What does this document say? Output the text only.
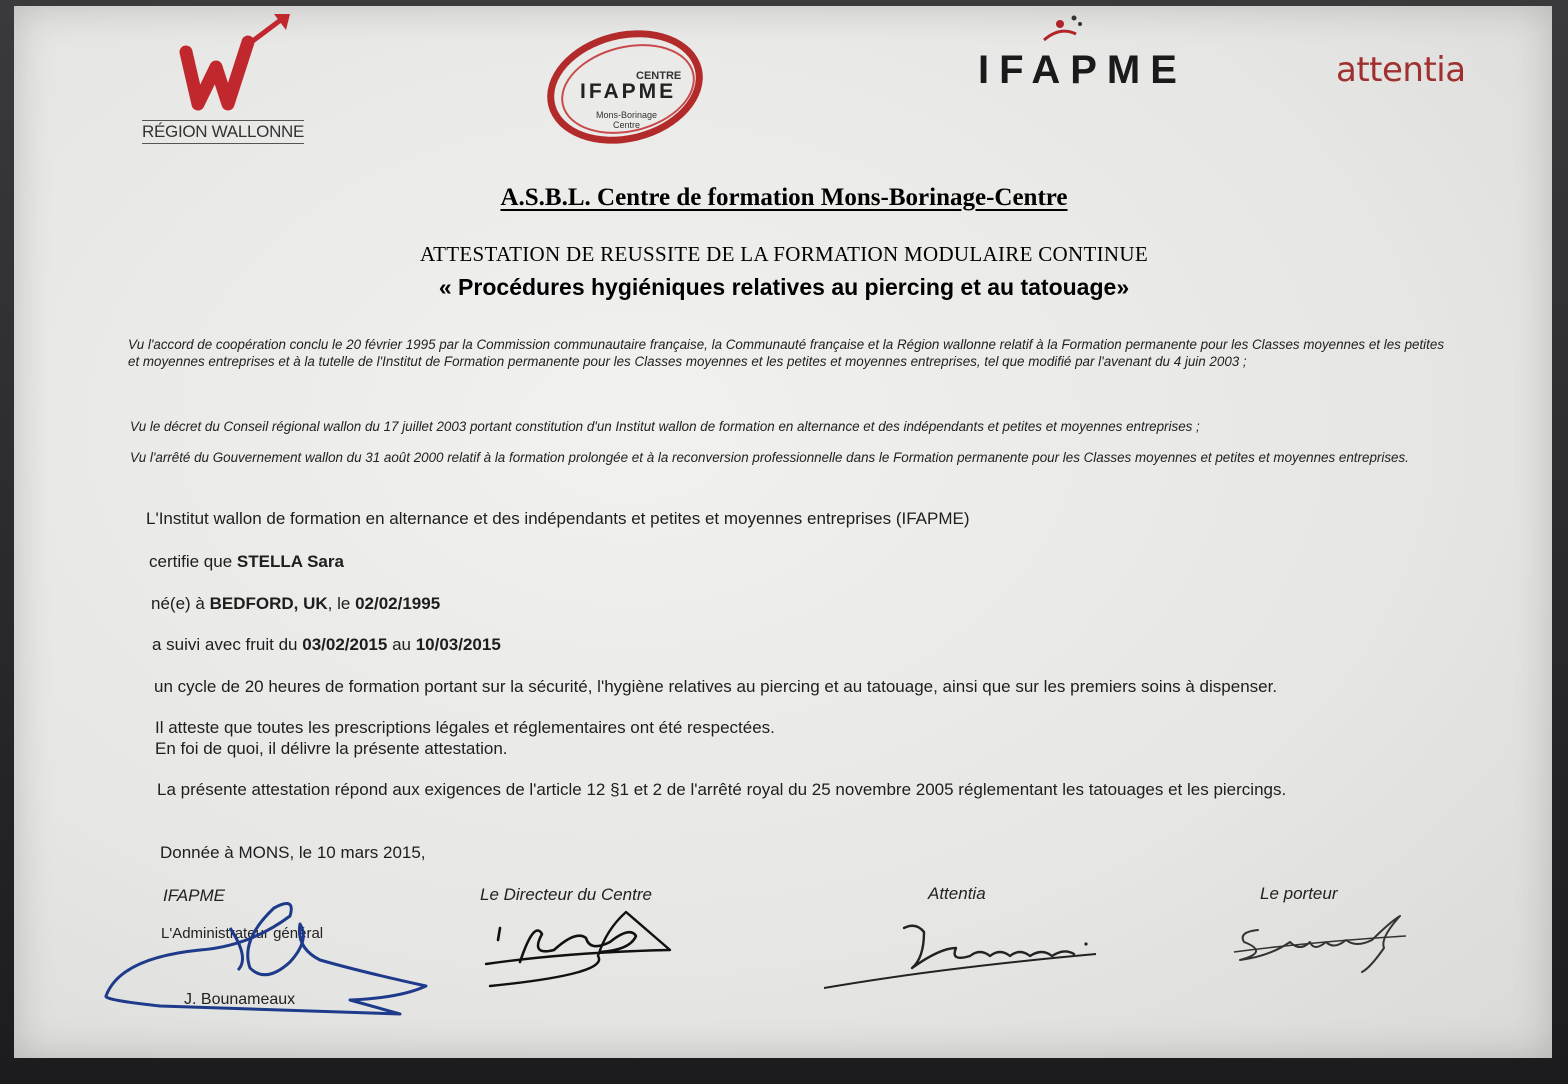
RÉGION WALLONNE
CENTRE
IFAPME
Mons-Borinage
Centre
IFAPME	attentia
A.S.B.L. Centre de formation Mons-Borinage-Centre
ATTESTATION DE REUSSITE DE LA FORMATION MODULAIRE CONTINUE
« Procédures hygiéniques relatives au piercing et au tatouage»
Vu l'accord de coopération conclu le 20 février 1995 par la Commission communautaire française, la Communauté française et la Région wallonne relatif à la Formation permanente pour les Classes moyennes et les petites et moyennes entreprises et à la tutelle de l'Institut de Formation permanente pour les Classes moyennes et les petites et moyennes entreprises, tel que modifié par l'avenant du 4 juin 2003 ;
Vu le décret du Conseil régional wallon du 17 juillet 2003 portant constitution d'un Institut wallon de formation en alternance et des indépendants et petites et moyennes entreprises ;
Vu l'arrêté du Gouvernement wallon du 31 août 2000 relatif à la formation prolongée et à la reconversion professionnelle dans le Formation permanente pour les Classes moyennes et petites et moyennes entreprises.
L'Institut wallon de formation en alternance et des indépendants et petites et moyennes entreprises (IFAPME)
certifie que STELLA Sara
né(e) à BEDFORD, UK, le 02/02/1995
a suivi avec fruit du 03/02/2015 au 10/03/2015
un cycle de 20 heures de formation portant sur la sécurité, l'hygiène relatives au piercing et au tatouage, ainsi que sur les premiers soins à dispenser.
Il atteste que toutes les prescriptions légales et réglementaires ont été respectées.
En foi de quoi, il délivre la présente attestation.
La présente attestation répond aux exigences de l'article 12 §1 et 2 de l'arrêté royal du 25 novembre 2005 réglementant les tatouages et les piercings.
Donnée à MONS, le 10 mars 2015,
IFAPME
L'Administrateur général
J. Bounameaux
Le Directeur du Centre	Attentia	Le porteur
